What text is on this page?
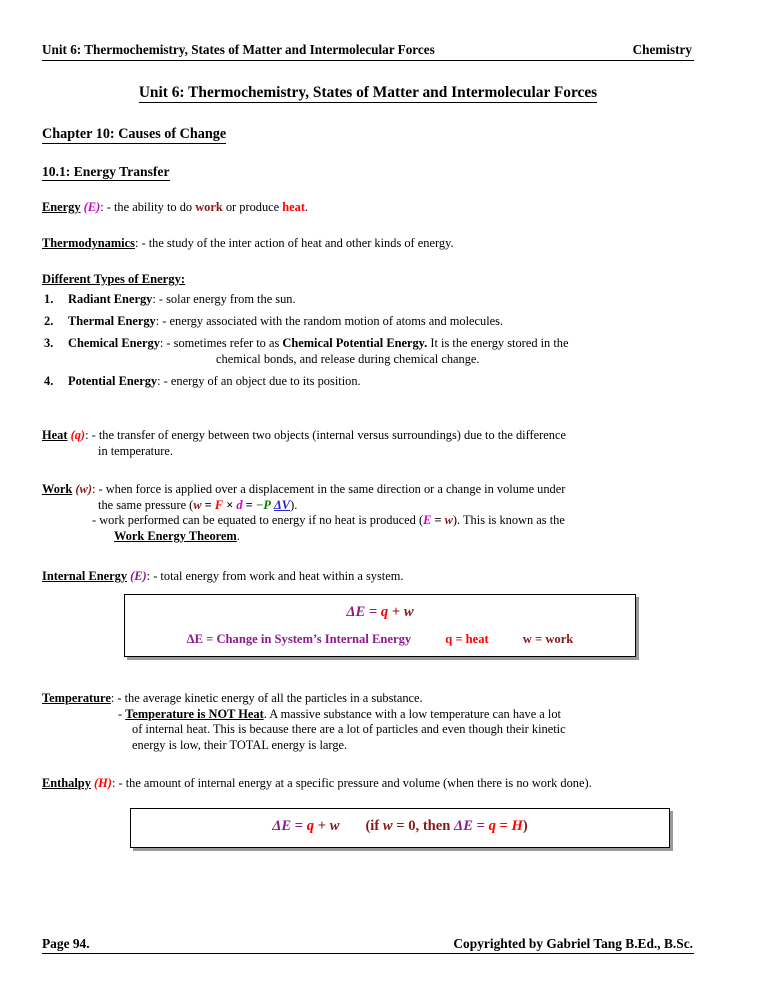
Unit 6: Thermochemistry, States of Matter and Intermolecular Forces	Chemistry
Unit 6: Thermochemistry, States of Matter and Intermolecular Forces
Chapter 10: Causes of Change
10.1: Energy Transfer
Energy (E): - the ability to do work or produce heat.
Thermodynamics: - the study of the inter action of heat and other kinds of energy.
Different Types of Energy:
1. Radiant Energy: - solar energy from the sun.
2. Thermal Energy: - energy associated with the random motion of atoms and molecules.
3. Chemical Energy: - sometimes refer to as Chemical Potential Energy. It is the energy stored in the
chemical bonds, and release during chemical change.
4. Potential Energy: - energy of an object due to its position.
Heat (q): - the transfer of energy between two objects (internal versus surroundings) due to the difference
in temperature.
Work (w): - when force is applied over a displacement in the same direction or a change in volume under
the same pressure (w = F × d = −P ΔV).
- work performed can be equated to energy if no heat is produced (E = w). This is known as the
Work Energy Theorem.
Internal Energy (E): - total energy from work and heat within a system.
ΔE = q + w
ΔE = Change in System’s Internal Energy	q = heat	w = work
Temperature: - the average kinetic energy of all the particles in a substance.
- Temperature is NOT Heat. A massive substance with a low temperature can have a lot
of internal heat. This is because there are a lot of particles and even though their kinetic
energy is low, their TOTAL energy is large.
Enthalpy (H): - the amount of internal energy at a specific pressure and volume (when there is no work done).
ΔE = q + w (if w = 0, then ΔE = q = H)
Page 94.	Copyrighted by Gabriel Tang B.Ed., B.Sc.
